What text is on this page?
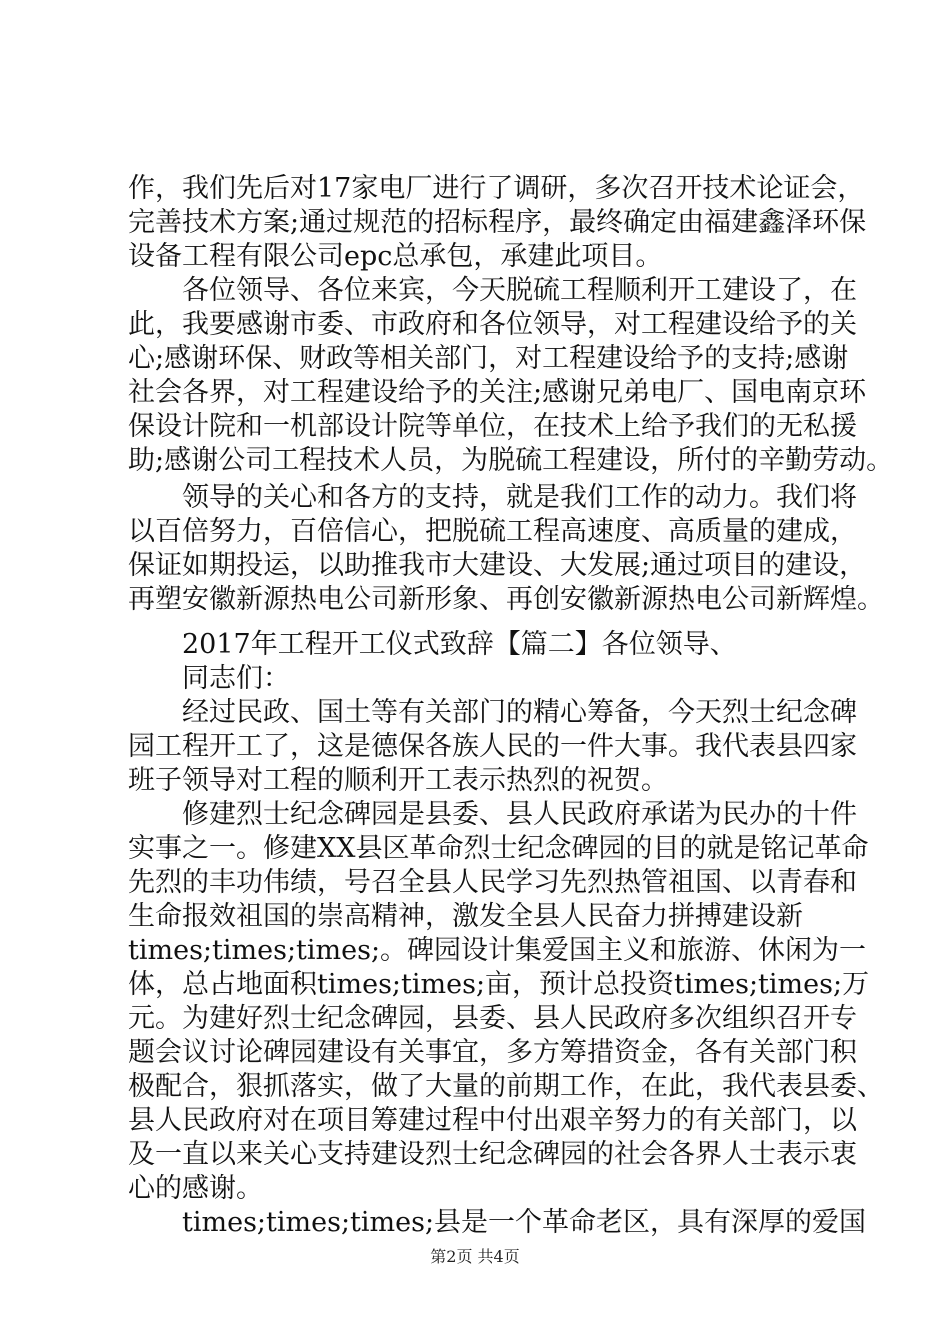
作，我们先后对17家电厂进行了调研，多次召开技术论证会，

完善技术方案;通过规范的招标程序，最终确定由福建鑫泽环保

设备工程有限公司epc总承包，承建此项目。

　　各位领导、各位来宾，今天脱硫工程顺利开工建设了，在

此，我要感谢市委、市政府和各位领导，对工程建设给予的关

心;感谢环保、财政等相关部门，对工程建设给予的支持;感谢

社会各界，对工程建设给予的关注;感谢兄弟电厂、国电南京环

保设计院和一机部设计院等单位，在技术上给予我们的无私援

助;感谢公司工程技术人员，为脱硫工程建设，所付的辛勤劳动。

　　领导的关心和各方的支持，就是我们工作的动力。我们将

以百倍努力，百倍信心，把脱硫工程高速度、高质量的建成，

保证如期投运，以助推我市大建设、大发展;通过项目的建设，

再塑安徽新源热电公司新形象、再创安徽新源热电公司新辉煌。

　　2017年工程开工仪式致辞【篇二】各位领导、

　　同志们：

　　经过民政、国土等有关部门的精心筹备，今天烈士纪念碑

园工程开工了，这是德保各族人民的一件大事。我代表县四家

班子领导对工程的顺利开工表示热烈的祝贺。

　　修建烈士纪念碑园是县委、县人民政府承诺为民办的十件

实事之一。修建XX县区革命烈士纪念碑园的目的就是铭记革命

先烈的丰功伟绩，号召全县人民学习先烈热管祖国、以青春和

生命报效祖国的崇高精神，激发全县人民奋力拼搏建设新

times;times;times;。碑园设计集爱国主义和旅游、休闲为一

体，总占地面积times;times;亩，预计总投资times;times;万

元。为建好烈士纪念碑园，县委、县人民政府多次组织召开专

题会议讨论碑园建设有关事宜，多方筹措资金，各有关部门积

极配合，狠抓落实，做了大量的前期工作，在此，我代表县委、

县人民政府对在项目筹建过程中付出艰辛努力的有关部门，以

及一直以来关心支持建设烈士纪念碑园的社会各界人士表示衷

心的感谢。

　　times;times;times;县是一个革命老区，具有深厚的爱国

第2页 共4页
